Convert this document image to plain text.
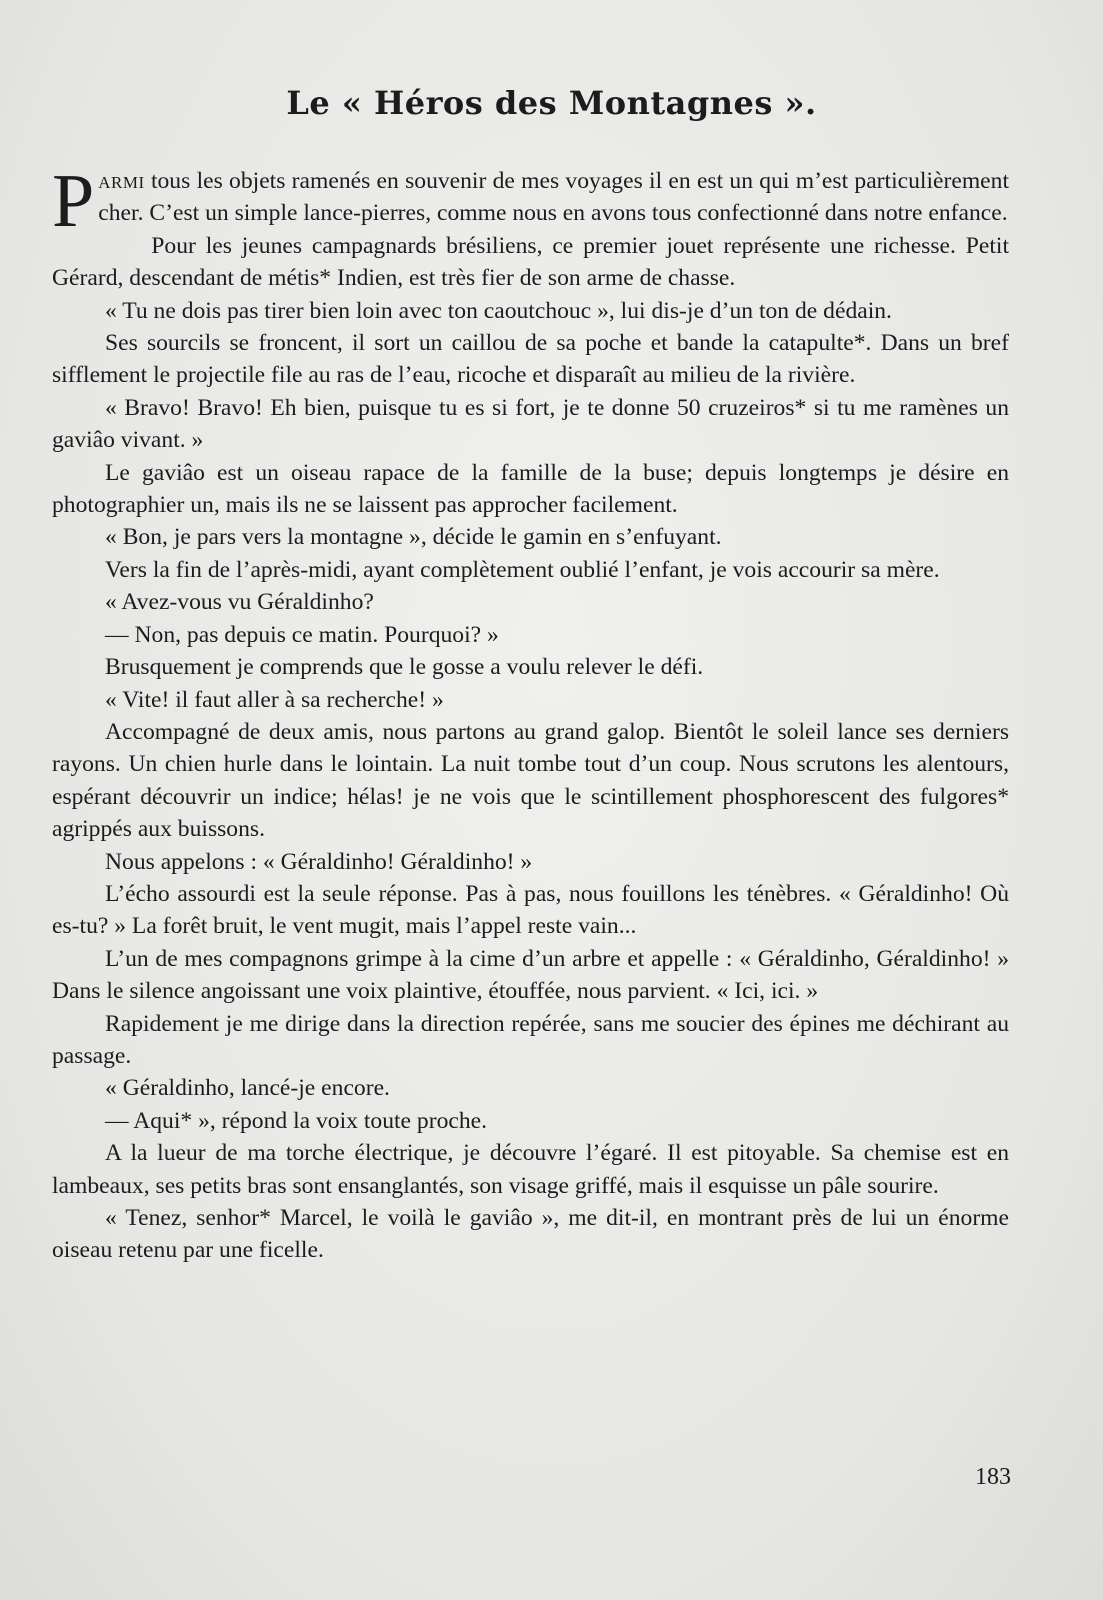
Le « Héros des Montagnes ».

Parmi tous les objets ramenés en souvenir de mes voyages il en est un qui m’est particulièrement cher. C’est un simple lance-pierres, comme nous en avons tous confectionné dans notre enfance.

Pour les jeunes campagnards brésiliens, ce premier jouet représente une richesse. Petit Gérard, descendant de métis* Indien, est très fier de son arme de chasse.

« Tu ne dois pas tirer bien loin avec ton caoutchouc », lui dis-je d’un ton de dédain.

Ses sourcils se froncent, il sort un caillou de sa poche et bande la catapulte*. Dans un bref sifflement le projectile file au ras de l’eau, ricoche et disparaît au milieu de la rivière.

« Bravo! Bravo! Eh bien, puisque tu es si fort, je te donne 50 cruzeiros* si tu me ramènes un gaviâo vivant. »

Le gaviâo est un oiseau rapace de la famille de la buse; depuis longtemps je désire en photographier un, mais ils ne se laissent pas approcher facilement.

« Bon, je pars vers la montagne », décide le gamin en s’enfuyant.

Vers la fin de l’après-midi, ayant complètement oublié l’enfant, je vois accourir sa mère.

« Avez-vous vu Géraldinho?

— Non, pas depuis ce matin. Pourquoi? »

Brusquement je comprends que le gosse a voulu relever le défi.

« Vite! il faut aller à sa recherche! »

Accompagné de deux amis, nous partons au grand galop. Bientôt le soleil lance ses derniers rayons. Un chien hurle dans le lointain. La nuit tombe tout d’un coup. Nous scrutons les alentours, espérant découvrir un indice; hélas! je ne vois que le scintillement phosphorescent des fulgores* agrippés aux buissons.

Nous appelons : « Géraldinho! Géraldinho! »

L’écho assourdi est la seule réponse. Pas à pas, nous fouillons les ténèbres. « Géraldinho! Où es-tu? » La forêt bruit, le vent mugit, mais l’appel reste vain...

L’un de mes compagnons grimpe à la cime d’un arbre et appelle : « Géraldinho, Géraldinho! » Dans le silence angoissant une voix plaintive, étouffée, nous parvient. « Ici, ici. »

Rapidement je me dirige dans la direction repérée, sans me soucier des épines me déchirant au passage.

« Géraldinho, lancé-je encore.

— Aqui* », répond la voix toute proche.

A la lueur de ma torche électrique, je découvre l’égaré. Il est pitoyable. Sa chemise est en lambeaux, ses petits bras sont ensanglantés, son visage griffé, mais il esquisse un pâle sourire.

« Tenez, senhor* Marcel, le voilà le gaviâo », me dit-il, en montrant près de lui un énorme oiseau retenu par une ficelle.

183
